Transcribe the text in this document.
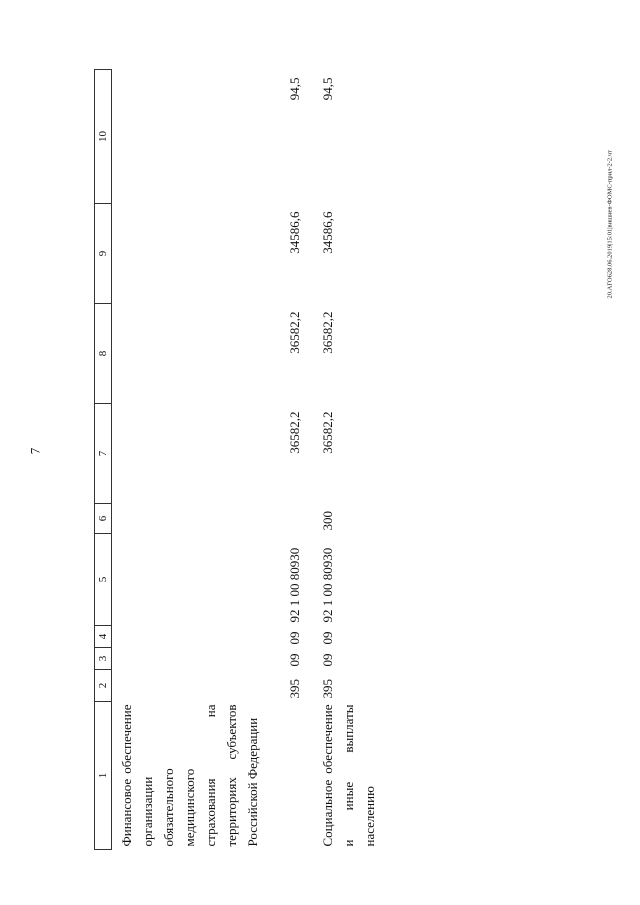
7
20.АГО628.06.2019|15:01|вишнев-ФОМС-прил-2-2.чт
1	2	3	4	5	6	7	8	9	10
Финансовое обеспечение организации обязательного медицинского страхования на территориях субъектов Российской Федерации	395	09	09	92 1 00 80930		36582,2	36582,2	34586,6	94,5
Социальное обеспечение и иные выплаты населению	395	09	09	92 1 00 80930	300	36582,2	36582,2	34586,6	94,5
